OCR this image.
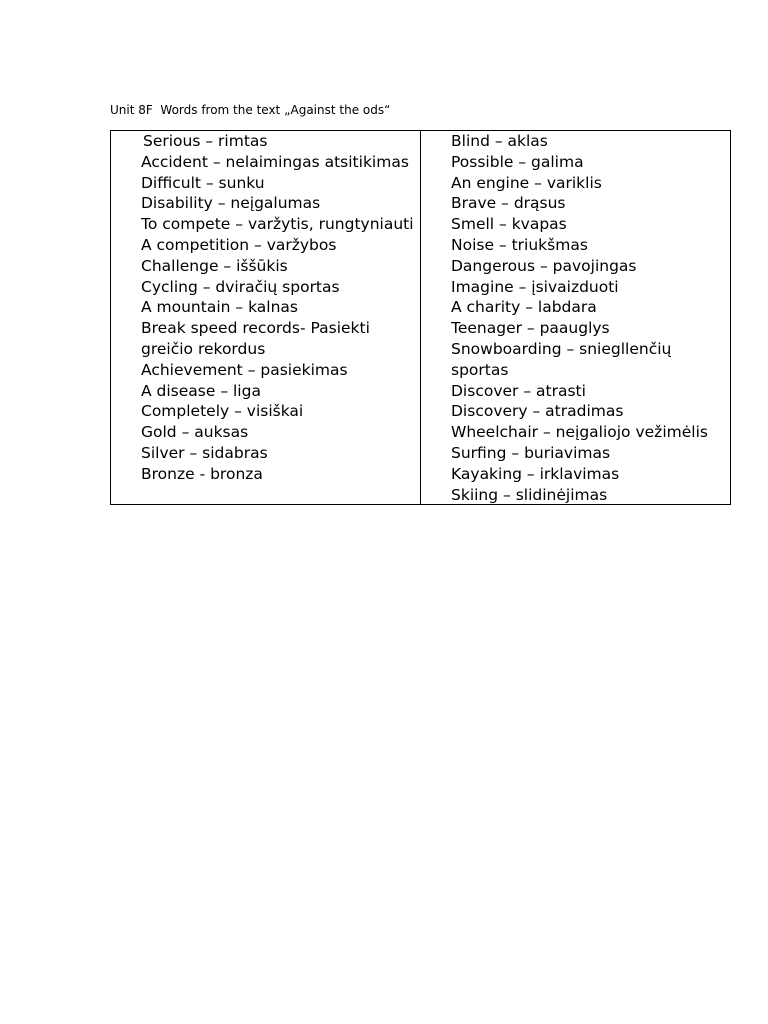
Unit 8F  Words from the text „Against the ods“
Serious – rimtas
Accident – nelaimingas atsitikimas
Difficult – sunku
Disability – neįgalumas
To compete – varžytis, rungtyniauti
A competition – varžybos
Challenge – iššūkis
Cycling – dviračių sportas
A mountain – kalnas
Break speed records- Pasiekti greičio rekordus
Achievement – pasiekimas
A disease – liga
Completely – visiškai
Gold – auksas
Silver – sidabras
Bronze - bronza
Blind – aklas
Possible – galima
An engine – variklis
Brave – drąsus
Smell – kvapas
Noise – triukšmas
Dangerous – pavojingas
Imagine – įsivaizduoti
A charity – labdara
Teenager – paauglys
Snowboarding – sniegllenčių sportas
Discover – atrasti
Discovery – atradimas
Wheelchair – neįgaliojo vežimėlis
Surfing – buriavimas
Kayaking – irklavimas
Skiing – slidinėjimas
